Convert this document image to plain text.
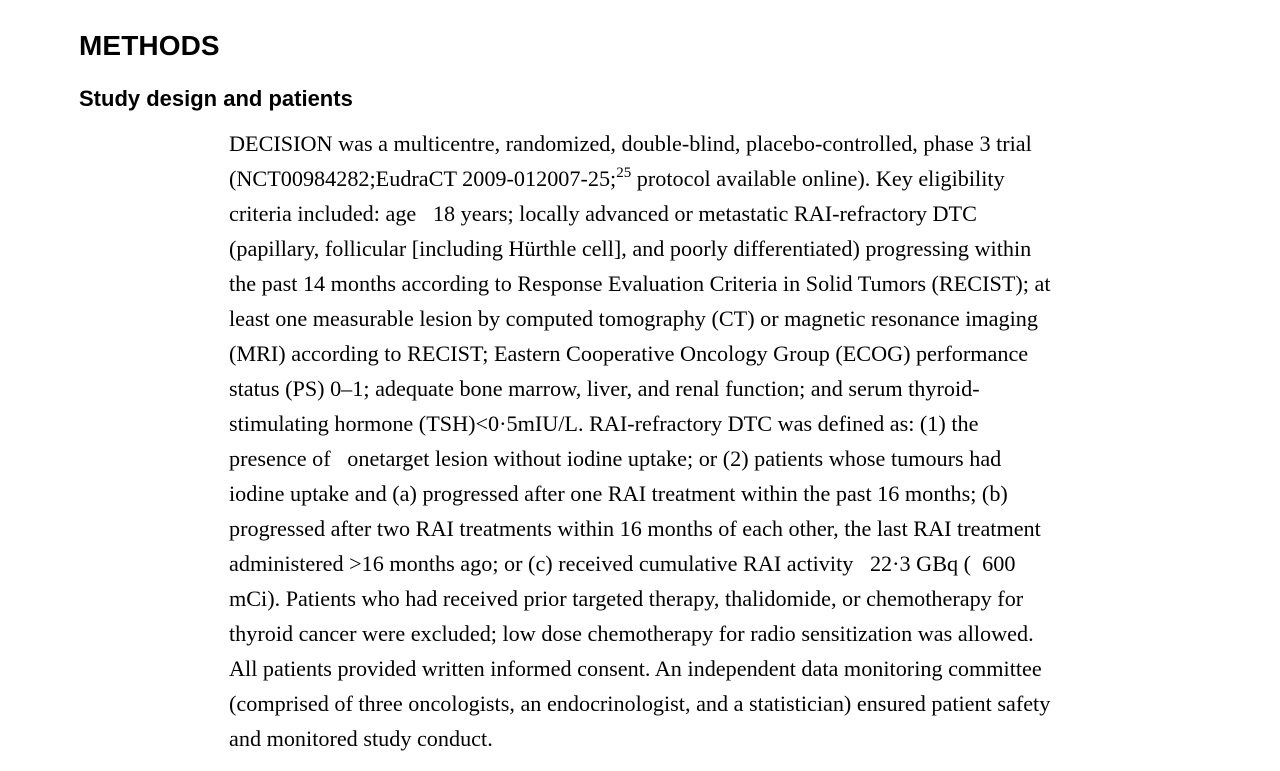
METHODS
Study design and patients

DECISION was a multicentre, randomized, double-blind, placebo-controlled, phase 3 trial
(NCT00984282;EudraCT 2009-012007-25;$^{25}$ protocol available online). Key eligibility
criteria included: age   18 years; locally advanced or metastatic RAI-refractory DTC
(papillary, follicular [including Hürthle cell], and poorly differentiated) progressing within
the past 14 months according to Response Evaluation Criteria in Solid Tumors (RECIST); at
least one measurable lesion by computed tomography (CT) or magnetic resonance imaging
(MRI) according to RECIST; Eastern Cooperative Oncology Group (ECOG) performance
status (PS) 0–1; adequate bone marrow, liver, and renal function; and serum thyroid-
stimulating hormone (TSH)<0·5mIU/L. RAI-refractory DTC was defined as: (1) the
presence of   onetarget lesion without iodine uptake; or (2) patients whose tumours had
iodine uptake and (a) progressed after one RAI treatment within the past 16 months; (b)
progressed after two RAI treatments within 16 months of each other, the last RAI treatment
administered >16 months ago; or (c) received cumulative RAI activity   22·3 GBq (  600
mCi). Patients who had received prior targeted therapy, thalidomide, or chemotherapy for
thyroid cancer were excluded; low dose chemotherapy for radio sensitization was allowed.
All patients provided written informed consent. An independent data monitoring committee
(comprised of three oncologists, an endocrinologist, and a statistician) ensured patient safety
and monitored study conduct.
